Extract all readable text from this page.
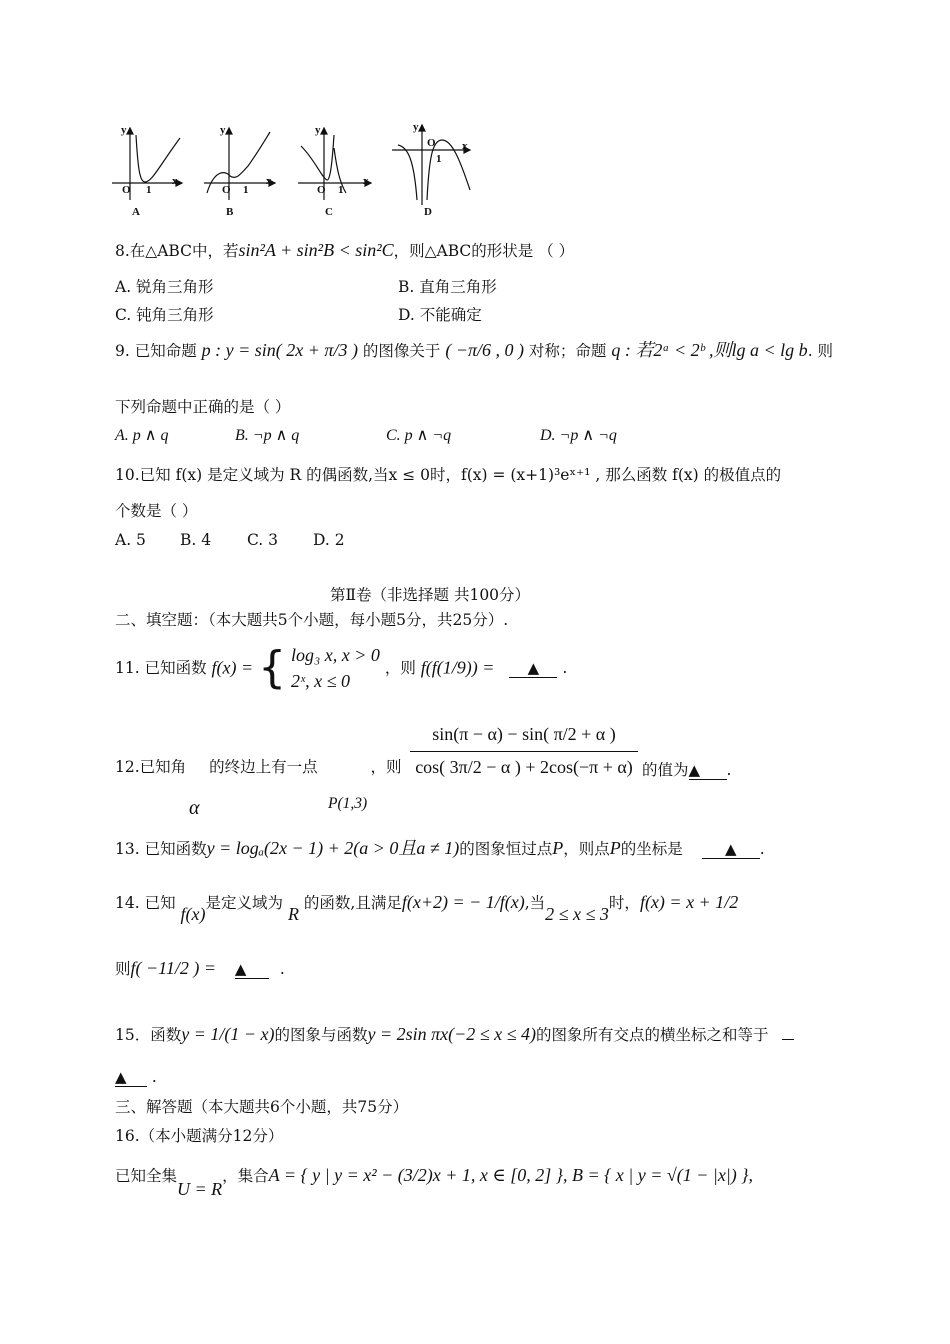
y
O 1
x
A
y
O 1
x
B
y
O 1
x
C
y
O
1
x
D
8.在△ABC中，若sin²A + sin²B < sin²C，则△ABC的形状是 （ ）
A. 锐角三角形	B. 直角三角形
C. 钝角三角形	D. 不能确定
9. 已知命题 p : y = sin( 2x + π/3 ) 的图像关于 ( −π/6 , 0 ) 对称；命题 q : 若2ᵃ < 2ᵇ ,则lg a < lg b. 则
下列命题中正确的是（ ）
A. p ∧ q	B. ¬p ∧ q	C. p ∧ ¬q	D. ¬p ∧ ¬q
10.已知 f(x) 是定义域为 R 的偶函数,当x ≤ 0时，f(x) = (x+1)³eˣ⁺¹ , 那么函数 f(x) 的极值点的
个数是（ ）
A. 5 B. 4 C. 3 D. 2
第Ⅱ卷（非选择题 共100分）
二、填空题：（本大题共5个小题，每小题5分，共25分）.
11. 已知函数 f(x) = { log₃ x, x > 0
2ˣ, x ≤ 0
，则 f(f(1/9)) = ▲ .
12.已知角 的终边上有一点	，则
α	P(1,3)
$\frac{\sin(\pi - \alpha) - \sin( \pi/2 + \alpha )}{\cos( 3\pi/2 - \alpha ) + 2\cos(-\pi + \alpha)}$ 的值为▲ .
13. 已知函数y = logₐ(2x − 1) + 2(a > 0且a ≠ 1)的图象恒过点P，则点P的坐标是	▲ .
14. 已知 f(x)是定义域为 R 的函数,且满足f(x+2) = − 1/f(x),当2 ≤ x ≤ 3时，f(x) = x + 1/2
则f( −11/2 ) = ▲ .
15．函数y = 1/(1 − x)的图象与函数y = 2sin πx(−2 ≤ x ≤ 4)的图象所有交点的横坐标之和等于
▲ .
三、解答题（本大题共6个小题，共75分）
16.（本小题满分12分）
已知全集U = R，集合A = { y | y = x² − (3/2)x + 1, x ∈ [0, 2] }, B = { x | y = √(1 − |x|) },
